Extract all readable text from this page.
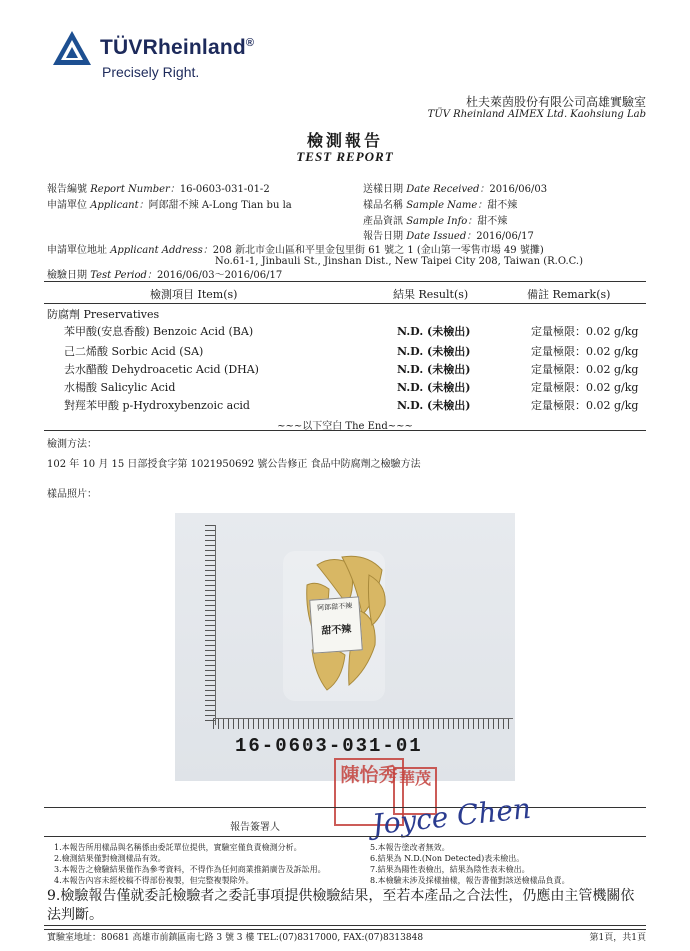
TÜVRheinland®
Precisely Right.
杜夫萊茵股份有限公司高雄實驗室
TÜV Rheinland AIMEX Ltd. Kaohsiung Lab
檢測報告
TEST REPORT
報告編號 Report Number：16-0603-031-01-2
申請單位 Applicant：阿郎甜不辣 A-Long Tian bu la
送樣日期 Date Received：2016/06/03
樣品名稱 Sample Name：甜不辣
產品資訊 Sample Info：甜不辣
報告日期 Date Issued：2016/06/17
申請單位地址 Applicant Address：208 新北市金山區和平里金包里街 61 號之 1 (金山第一零售市場 49 號攤)
No.61-1, Jinbauli St., Jinshan Dist., New Taipei City 208, Taiwan (R.O.C.)
檢驗日期 Test Period：2016/06/03～2016/06/17
檢測項目 Item(s)	結果 Result(s)	備註 Remark(s)
防腐劑 Preservatives
苯甲酸(安息香酸) Benzoic Acid (BA)	N.D. (未檢出)	定量極限：0.02 g/kg
己二烯酸 Sorbic Acid (SA)	N.D. (未檢出)	定量極限：0.02 g/kg
去水醋酸 Dehydroacetic Acid (DHA)	N.D. (未檢出)	定量極限：0.02 g/kg
水楊酸 Salicylic Acid	N.D. (未檢出)	定量極限：0.02 g/kg
對羥苯甲酸 p-Hydroxybenzoic acid	N.D. (未檢出)	定量極限：0.02 g/kg
~~~以下空白 The End~~~
檢測方法：
102 年 10 月 15 日部授食字第 1021950692 號公告修正 食品中防腐劑之檢驗方法
樣品照片：
阿郎甜不辣
甜不辣
16-0603-031-01
陳怡秀 華茂
報告簽署人	Joyce Chen
1.本報告所用樣品與名稱係由委託單位提供，實驗室僅負責檢測分析。
2.檢測結果僅對檢測樣品有效。
3.本報告之檢驗結果僅作為參考資料，不得作為任何商業推銷廣告及訴訟用。
4.本報告內容未經校稿不得部份複製，但完整複製除外。
5.本報告塗改者無效。
6.結果為 N.D.(Non Detected)表未檢出。
7.結果為陽性表檢出，結果為陰性表未檢出。
8.本檢驗未涉及採樣抽樣，報告書僅對該送檢樣品負責。
9.檢驗報告僅就委託檢驗者之委託事項提供檢驗結果，至若本產品之合法性，仍應由主管機關依法判斷。
實驗室地址：80681 高雄市前鎮區南七路 3 號 3 樓 TEL:(07)8317000, FAX:(07)8313848	第1頁，共1頁
